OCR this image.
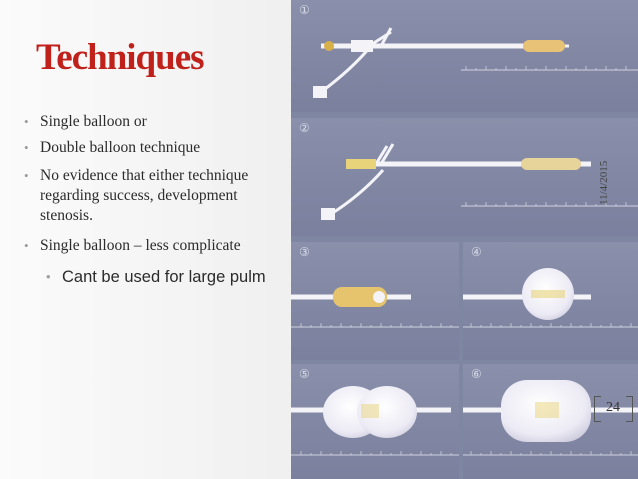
Techniques
• Single balloon or
• Double balloon technique
• No evidence that either technique
regarding success, development
stenosis.
• Single balloon – less complicate
• Cant be used for large pulm
①
②
③	④
⑤	⑥
11/4/2015
24
